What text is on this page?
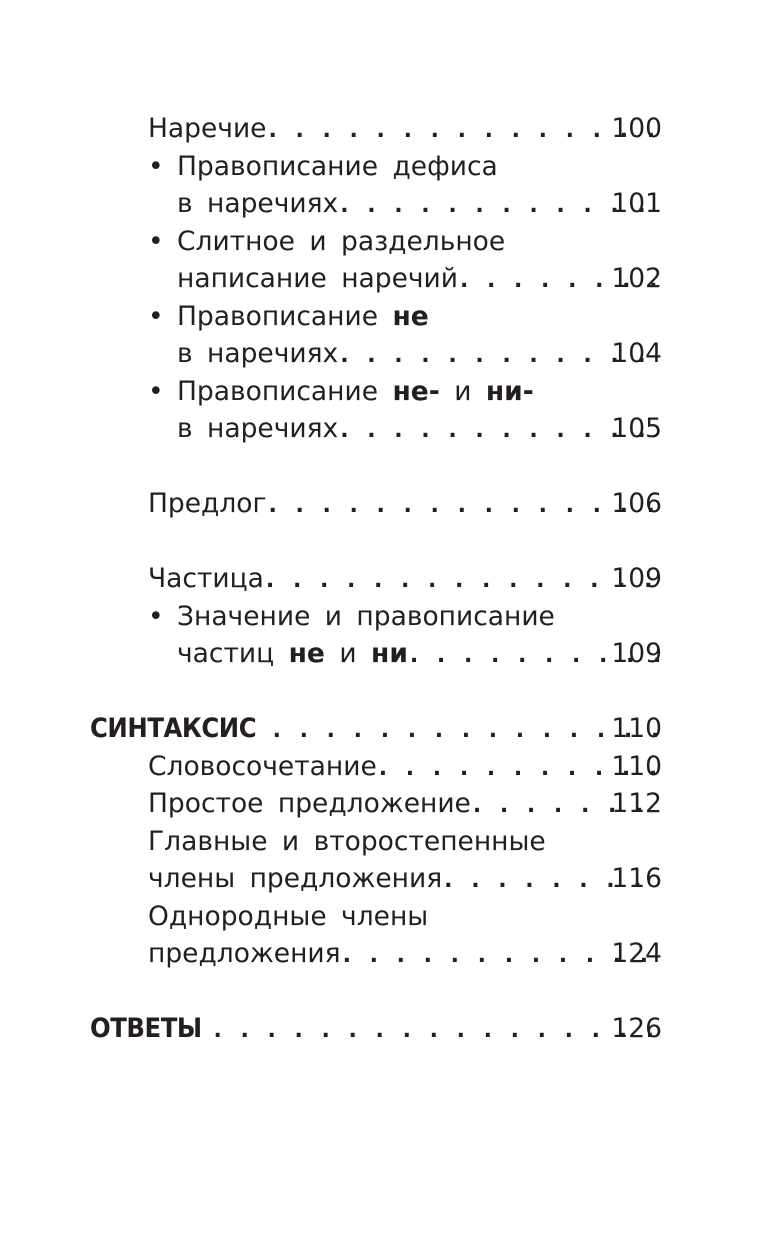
Наречие . . .	100
• Правописание дефиса
в наречиях . . .	101
• Слитное и раздельное
написание наречий . . .	102
• Правописание не
в наречиях . . .	104
• Правописание не- и ни-
в наречиях . . .	105
Предлог . . .	106
Частица . . .	109
• Значение и правописание
частиц не и ни . . .	109
СИНТАКСИС . . .	110
Словосочетание . . .	110
Простое предложение . . .	112
Главные и второстепенные
члены предложения . . .	116
Однородные члены
предложения . . .	124
ОТВЕТЫ . . .	126
